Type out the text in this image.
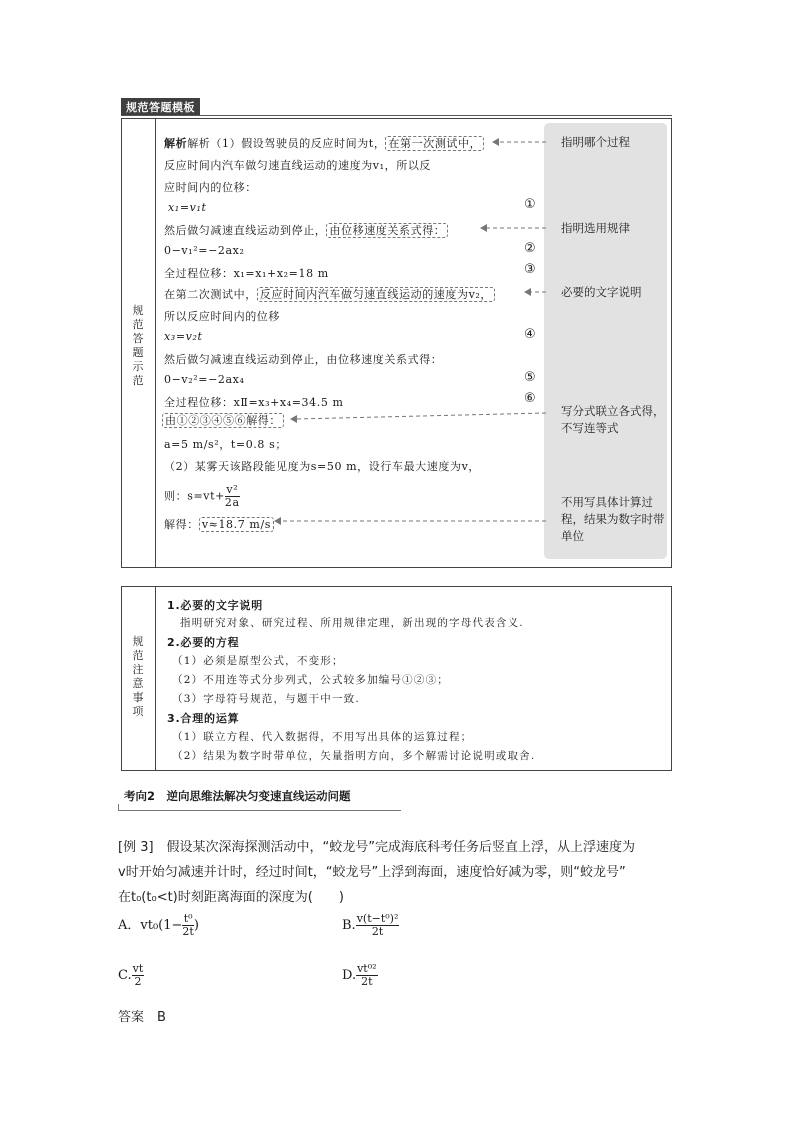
规范答题模板
规范答题示范
指明哪个过程
指明选用规律
必要的文字说明
写分式联立各式得，不写连等式
不用写具体计算过程，结果为数字时带单位
解析解析（1）假设驾驶员的反应时间为t， 在第一次测试中，
反应时间内汽车做匀速直线运动的速度为v₁，所以反
应时间内的位移：
x₁=v₁t	①
然后做匀减速直线运动到停止， 由位移速度关系式得：
0−v₁²=−2ax₂	②
全过程位移：x₁=x₁+x₂=18 m	③
在第二次测试中， 反应时间内汽车做匀速直线运动的速度为v₂，
所以反应时间内的位移
x₃=v₂t	④
然后做匀减速直线运动到停止，由位移速度关系式得：
0−v₂²=−2ax₄	⑤
全过程位移：xⅡ=x₃+x₄=34.5 m	⑥
由①②③④⑤⑥解得：
a=5 m/s²，t=0.8 s；
（2）某雾天该路段能见度为s=50 m，设行车最大速度为v，
则：$s=vt+ \frac{\text{v²}}{2a}$
解得： v≈18.7 m/s
规范注意事项
1.必要的文字说明
指明研究对象、研究过程、所用规律定理，新出现的字母代表含义.
2.必要的方程
（1）必须是原型公式，不变形；
（2）不用连等式分步列式，公式较多加编号①②③；
（3）字母符号规范，与题干中一致.
3.合理的运算
（1）联立方程、代入数据得，不用写出具体的运算过程；
（2）结果为数字时带单位，矢量指明方向，多个解需讨论说明或取舍.
考向2　逆向思维法解决匀变速直线运动问题
[例 3]　假设某次深海探测活动中，“蛟龙号”完成海底科考任务后竖直上浮，从上浮速度为
v时开始匀减速并计时，经过时间t，“蛟龙号”上浮到海面，速度恰好减为零，则“蛟龙号”
在t₀(t₀<t)时刻距离海面的深度为(　　)
A．$vt_0(1- \frac{\text{t⁰}}{2t}$ )	B. $\frac{\text{v(t−t⁰)²}}{2t}$
C. $\frac{vt}{2}$	D. $\frac{\text{vt⁰²}}{2t}$
答案　B
